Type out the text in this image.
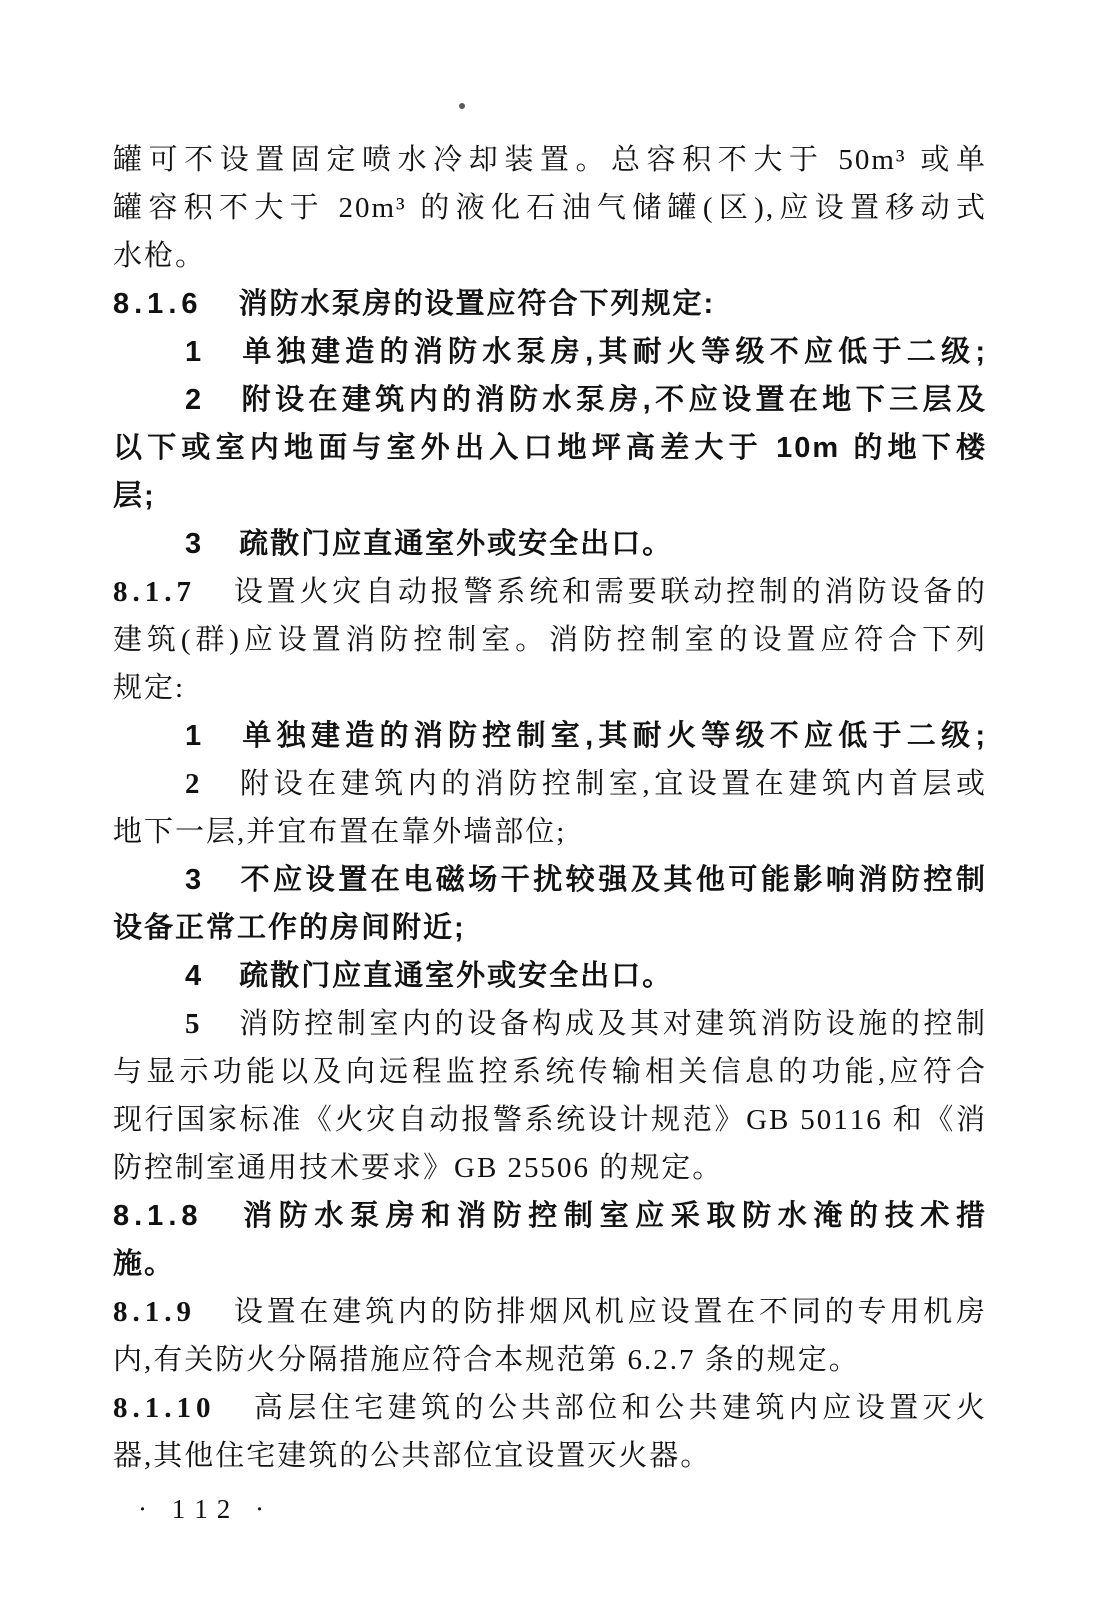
罐可不设置固定喷水冷却装置。总容积不大于 50m³ 或单

罐容积不大于 20m³ 的液化石油气储罐(区),应设置移动式

水枪。

8.1.6 消防水泵房的设置应符合下列规定:

1 单独建造的消防水泵房,其耐火等级不应低于二级;

2 附设在建筑内的消防水泵房,不应设置在地下三层及

以下或室内地面与室外出入口地坪高差大于 10m 的地下楼

层;

3 疏散门应直通室外或安全出口。

8.1.7 设置火灾自动报警系统和需要联动控制的消防设备的

建筑(群)应设置消防控制室。消防控制室的设置应符合下列

规定:

1 单独建造的消防控制室,其耐火等级不应低于二级;

2 附设在建筑内的消防控制室,宜设置在建筑内首层或

地下一层,并宜布置在靠外墙部位;

3 不应设置在电磁场干扰较强及其他可能影响消防控制

设备正常工作的房间附近;

4 疏散门应直通室外或安全出口。

5 消防控制室内的设备构成及其对建筑消防设施的控制

与显示功能以及向远程监控系统传输相关信息的功能,应符合

现行国家标准《火灾自动报警系统设计规范》GB 50116 和《消

防控制室通用技术要求》GB 25506 的规定。

8.1.8 消防水泵房和消防控制室应采取防水淹的技术措

施。

8.1.9 设置在建筑内的防排烟风机应设置在不同的专用机房

内,有关防火分隔措施应符合本规范第 6.2.7 条的规定。

8.1.10 高层住宅建筑的公共部位和公共建筑内应设置灭火

器,其他住宅建筑的公共部位宜设置灭火器。

· 112 ·
